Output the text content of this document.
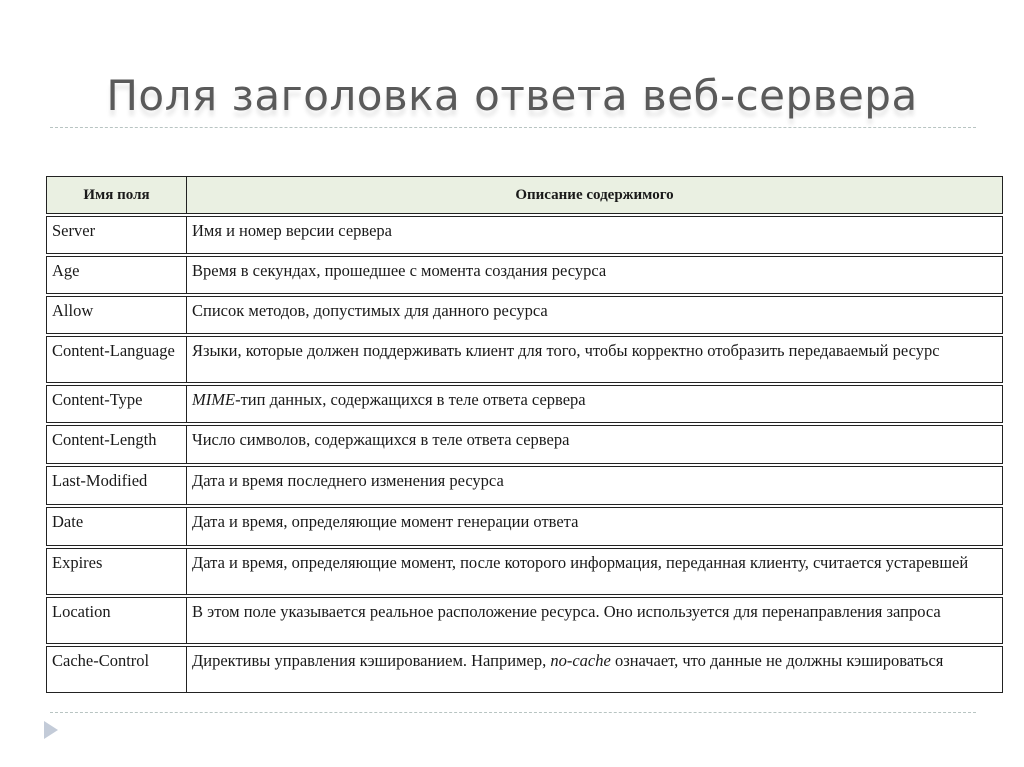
Поля заголовка ответа веб-сервера
Имя поля	Описание содержимого
Server	Имя и номер версии сервера
Age	Время в секундах, прошедшее с момента создания ресурса
Allow	Список методов, допустимых для данного ресурса
Content-Language	Языки, которые должен поддерживать клиент для того, чтобы корректно отобразить передаваемый ресурс
Content-Type	MIME-тип данных, содержащихся в теле ответа сервера
Content-Length	Число символов, содержащихся в теле ответа сервера
Last-Modified	Дата и время последнего изменения ресурса
Date	Дата и время, определяющие момент генерации ответа
Expires	Дата и время, определяющие момент, после которого информация, переданная клиенту, считается устаревшей
Location	В этом поле указывается реальное расположение ресурса. Оно используется для перенаправления запроса
Cache-Control	Директивы управления кэшированием. Например, no-cache означает, что данные не должны кэшироваться
